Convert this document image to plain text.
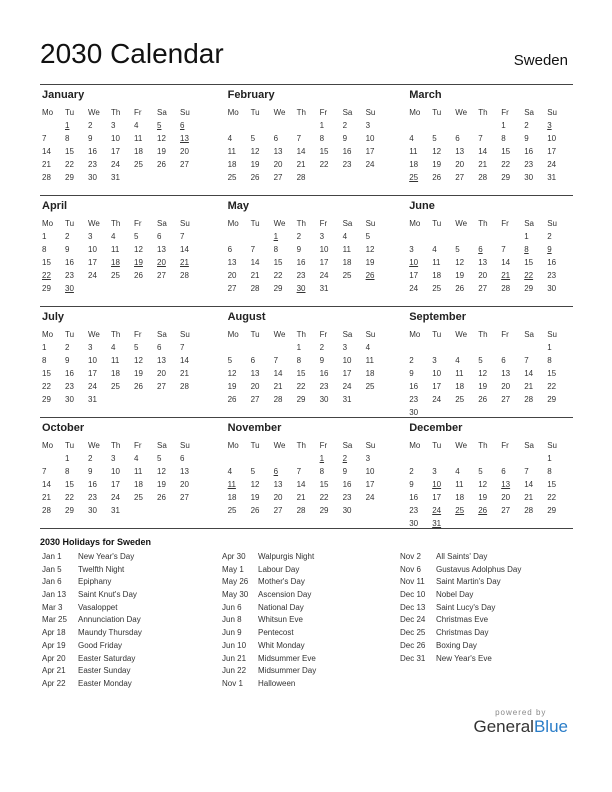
2030 Calendar	Sweden
January
Mo	Tu	We	Th	Fr	Sa	Su
	1	2	3	4	5	6
7	8	9	10	11	12	13
14	15	16	17	18	19	20
21	22	23	24	25	26	27
28	29	30	31			
February
Mo	Tu	We	Th	Fr	Sa	Su
				1	2	3
4	5	6	7	8	9	10
11	12	13	14	15	16	17
18	19	20	21	22	23	24
25	26	27	28			
March
Mo	Tu	We	Th	Fr	Sa	Su
				1	2	3
4	5	6	7	8	9	10
11	12	13	14	15	16	17
18	19	20	21	22	23	24
25	26	27	28	29	30	31
April
Mo	Tu	We	Th	Fr	Sa	Su
1	2	3	4	5	6	7
8	9	10	11	12	13	14
15	16	17	18	19	20	21
22	23	24	25	26	27	28
29	30					
May
Mo	Tu	We	Th	Fr	Sa	Su
		1	2	3	4	5
6	7	8	9	10	11	12
13	14	15	16	17	18	19
20	21	22	23	24	25	26
27	28	29	30	31		
June
Mo	Tu	We	Th	Fr	Sa	Su
					1	2
3	4	5	6	7	8	9
10	11	12	13	14	15	16
17	18	19	20	21	22	23
24	25	26	27	28	29	30
July
Mo	Tu	We	Th	Fr	Sa	Su
1	2	3	4	5	6	7
8	9	10	11	12	13	14
15	16	17	18	19	20	21
22	23	24	25	26	27	28
29	30	31				
August
Mo	Tu	We	Th	Fr	Sa	Su
			1	2	3	4
5	6	7	8	9	10	11
12	13	14	15	16	17	18
19	20	21	22	23	24	25
26	27	28	29	30	31	
September
Mo	Tu	We	Th	Fr	Sa	Su
						1
2	3	4	5	6	7	8
9	10	11	12	13	14	15
16	17	18	19	20	21	22
23	24	25	26	27	28	29
30						
October
Mo	Tu	We	Th	Fr	Sa	Su
	1	2	3	4	5	6
7	8	9	10	11	12	13
14	15	16	17	18	19	20
21	22	23	24	25	26	27
28	29	30	31			
November
Mo	Tu	We	Th	Fr	Sa	Su
				1	2	3
4	5	6	7	8	9	10
11	12	13	14	15	16	17
18	19	20	21	22	23	24
25	26	27	28	29	30	
December
Mo	Tu	We	Th	Fr	Sa	Su
						1
2	3	4	5	6	7	8
9	10	11	12	13	14	15
16	17	18	19	20	21	22
23	24	25	26	27	28	29
30	31					
2030 Holidays for Sweden
Jan 1	New Year's Day
Jan 5	Twelfth Night
Jan 6	Epiphany
Jan 13	Saint Knut's Day
Mar 3	Vasaloppet
Mar 25	Annunciation Day
Apr 18	Maundy Thursday
Apr 19	Good Friday
Apr 20	Easter Saturday
Apr 21	Easter Sunday
Apr 22	Easter Monday
Apr 30	Walpurgis Night
May 1	Labour Day
May 26	Mother's Day
May 30	Ascension Day
Jun 6	National Day
Jun 8	Whitsun Eve
Jun 9	Pentecost
Jun 10	Whit Monday
Jun 21	Midsummer Eve
Jun 22	Midsummer Day
Nov 1	Halloween
Nov 2	All Saints' Day
Nov 6	Gustavus Adolphus Day
Nov 11	Saint Martin's Day
Dec 10	Nobel Day
Dec 13	Saint Lucy's Day
Dec 24	Christmas Eve
Dec 25	Christmas Day
Dec 26	Boxing Day
Dec 31	New Year's Eve
powered by
GeneralBlue
